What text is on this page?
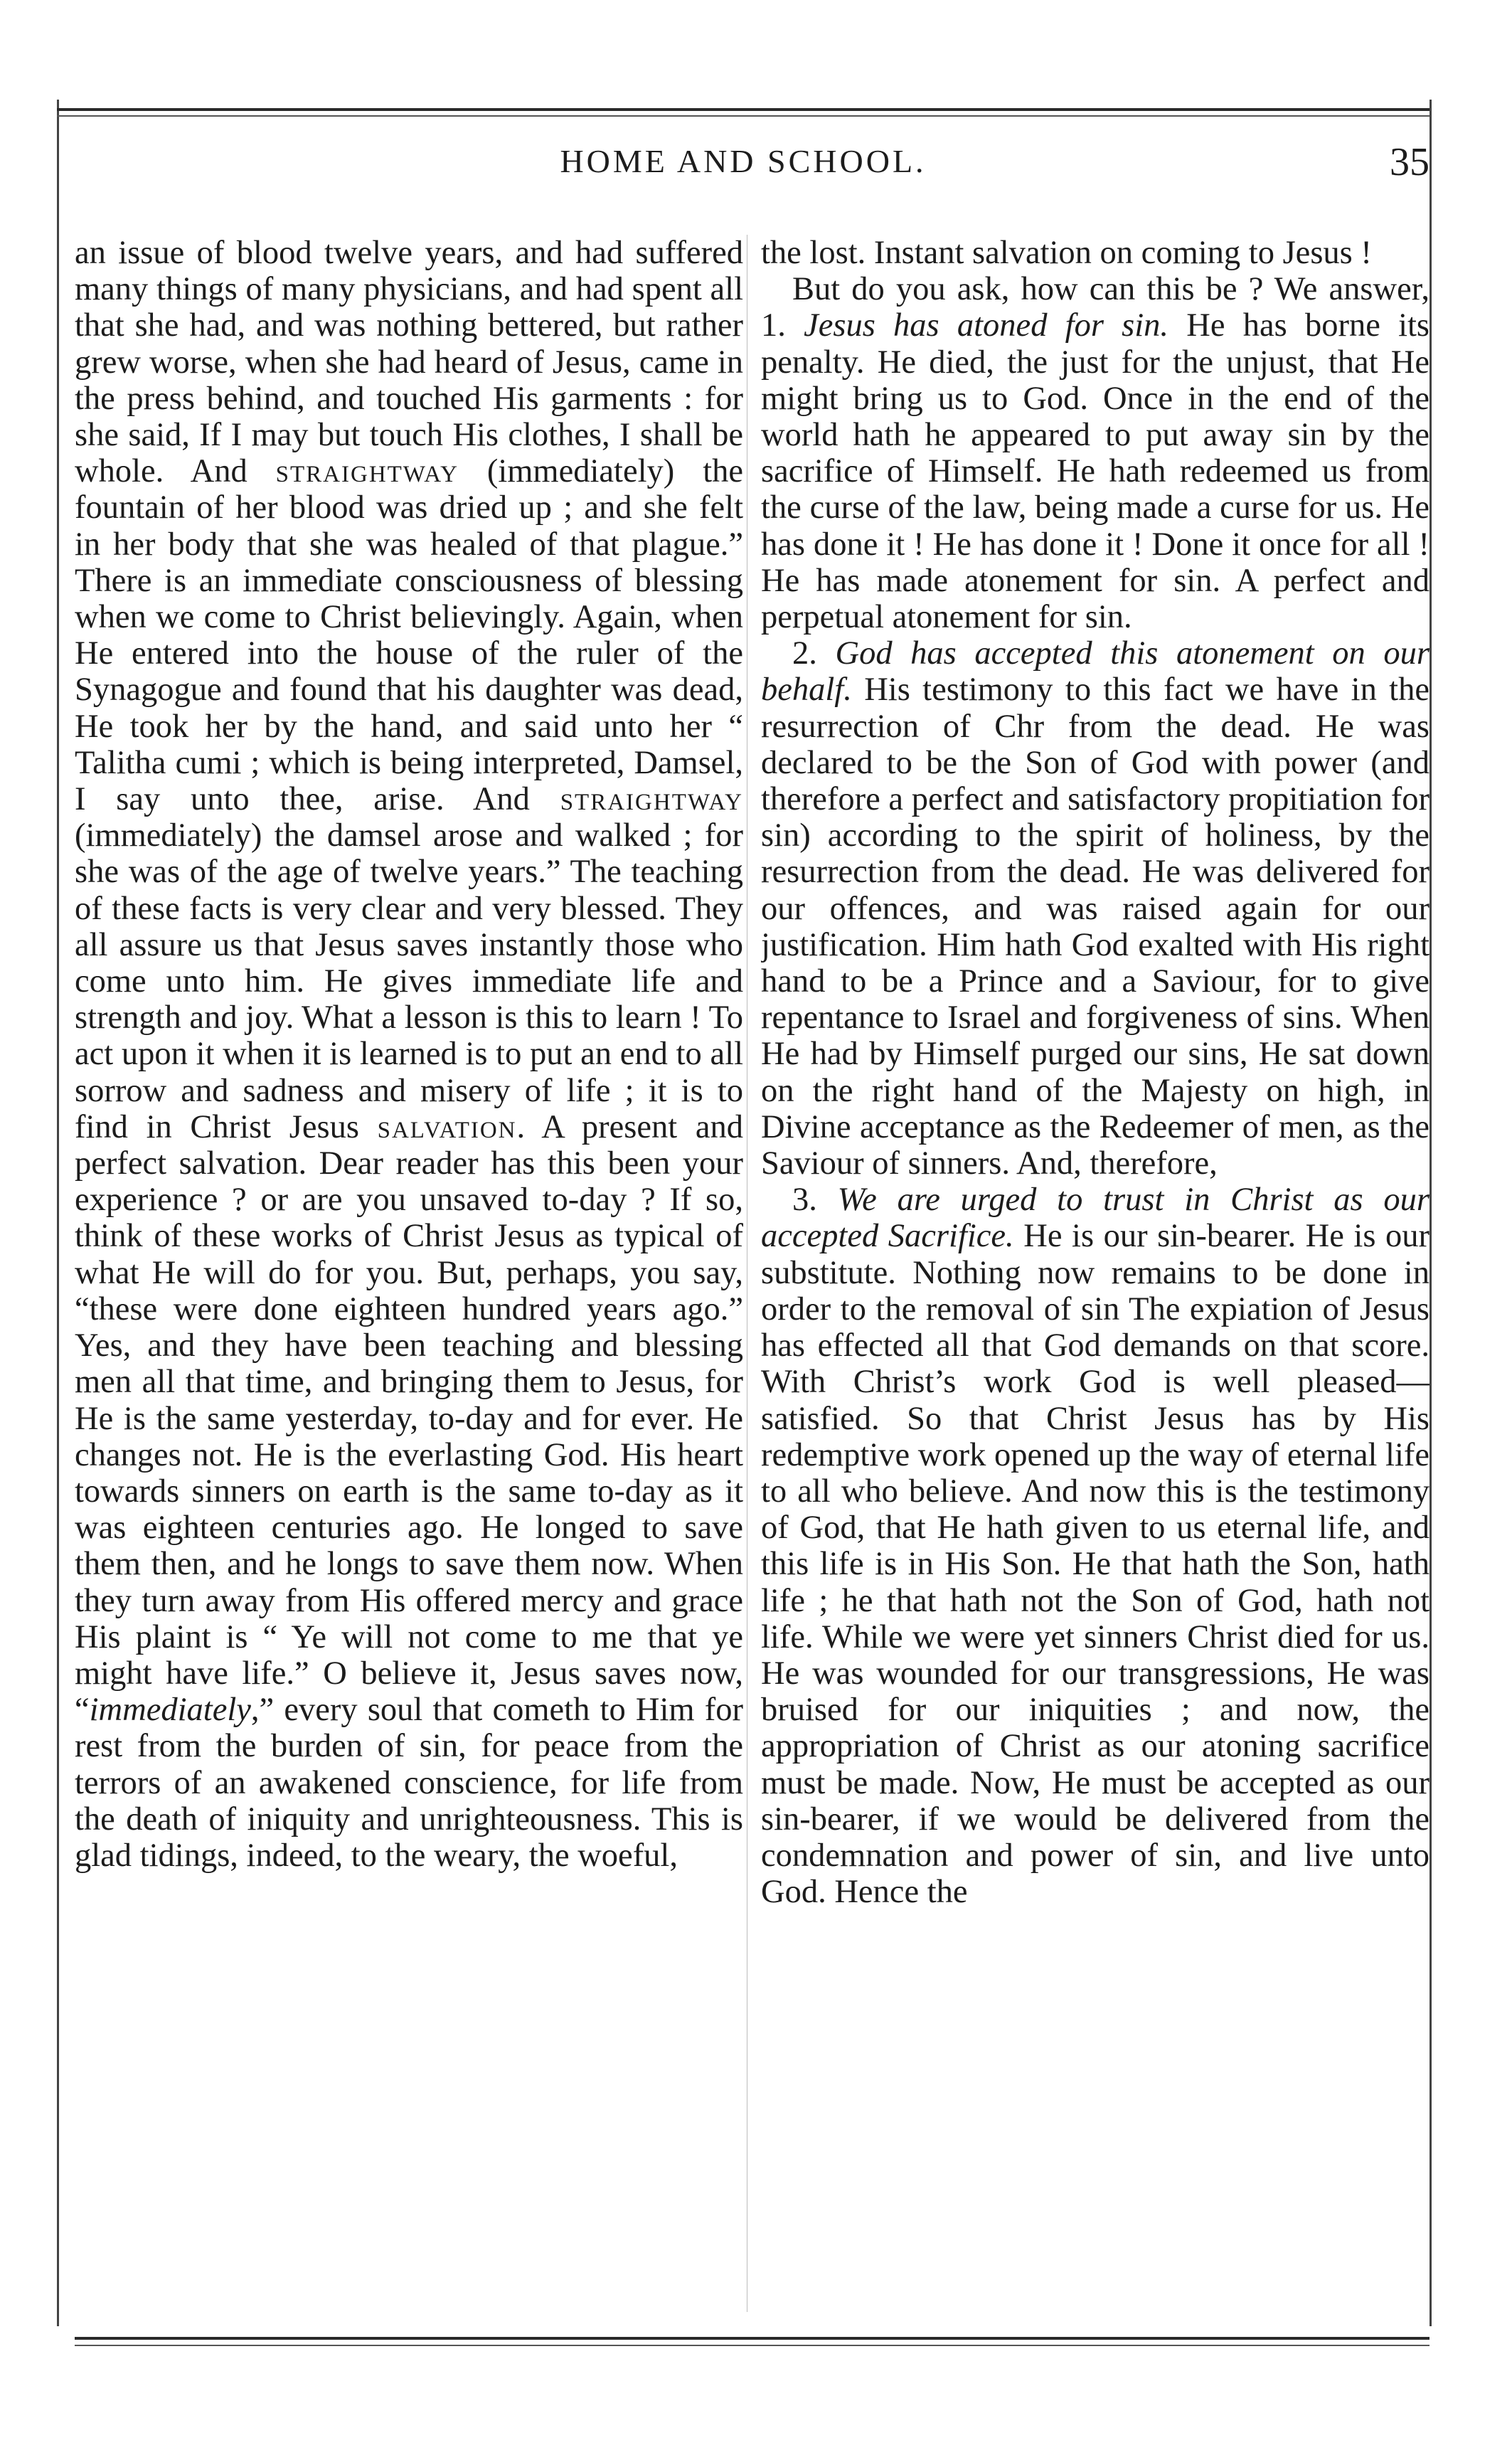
HOME AND SCHOOL.	35

an issue of blood twelve years, and had suffered many things of many physicians, and had spent all that she had, and was nothing bettered, but rather grew worse, when she had heard of Jesus, came in the press behind, and touched His garments : for she said, If I may but touch His clothes, I shall be whole. And straightway (immediately) the fountain of her blood was dried up ; and she felt in her body that she was healed of that plague.” There is an immediate consciousness of blessing when we come to Christ believingly. Again, when He entered into the house of the ruler of the Synagogue and found that his daughter was dead, He took her by the hand, and said unto her “ Talitha cumi ; which is being interpreted, Damsel, I say unto thee, arise. And straightway (immediately) the damsel arose and walked ; for she was of the age of twelve years.” The teaching of these facts is very clear and very blessed. They all assure us that Jesus saves instantly those who come unto him. He gives immediate life and strength and joy. What a lesson is this to learn ! To act upon it when it is learned is to put an end to all sorrow and sadness and misery of life ; it is to find in Christ Jesus salvation. A present and perfect salvation. Dear reader has this been your experience ? or are you unsaved to-day ? If so, think of these works of Christ Jesus as typical of what He will do for you. But, perhaps, you say, “these were done eighteen hundred years ago.” Yes, and they have been teaching and blessing men all that time, and bringing them to Jesus, for He is the same yesterday, to-day and for ever. He changes not. He is the everlasting God. His heart towards sinners on earth is the same to-day as it was eighteen centuries ago. He longed to save them then, and he longs to save them now. When they turn away from His offered mercy and grace His plaint is “ Ye will not come to me that ye might have life.” O believe it, Jesus saves now, “immediately,” every soul that cometh to Him for rest from the burden of sin, for peace from the terrors of an awakened conscience, for life from the death of iniquity and unrighteousness. This is glad tidings, indeed, to the weary, the woeful,

the lost. Instant salvation on coming to Jesus !

But do you ask, how can this be ? We answer, 1. Jesus has atoned for sin. He has borne its penalty. He died, the just for the unjust, that He might bring us to God. Once in the end of the world hath he appeared to put away sin by the sacrifice of Himself. He hath redeemed us from the curse of the law, being made a curse for us. He has done it ! He has done it ! Done it once for all ! He has made atonement for sin. A perfect and perpetual atonement for sin.

2. God has accepted this atonement on our behalf. His testimony to this fact we have in the resurrection of Chr from the dead. He was declared to be the Son of God with power (and therefore a perfect and satisfactory propitiation for sin) according to the spirit of holiness, by the resurrection from the dead. He was delivered for our offences, and was raised again for our justification. Him hath God exalted with His right hand to be a Prince and a Saviour, for to give repentance to Israel and forgiveness of sins. When He had by Himself purged our sins, He sat down on the right hand of the Majesty on high, in Divine acceptance as the Redeemer of men, as the Saviour of sinners. And, therefore,

3. We are urged to trust in Christ as our accepted Sacrifice. He is our sin-bearer. He is our substitute. Nothing now remains to be done in order to the removal of sin The expiation of Jesus has effected all that God demands on that score. With Christ’s work God is well pleased—satisfied. So that Christ Jesus has by His redemptive work opened up the way of eternal life to all who believe. And now this is the testimony of God, that He hath given to us eternal life, and this life is in His Son. He that hath the Son, hath life ; he that hath not the Son of God, hath not life. While we were yet sinners Christ died for us. He was wounded for our transgressions, He was bruised for our iniquities ; and now, the appropriation of Christ as our atoning sacrifice must be made. Now, He must be accepted as our sin-bearer, if we would be delivered from the condemnation and power of sin, and live unto God. Hence the
